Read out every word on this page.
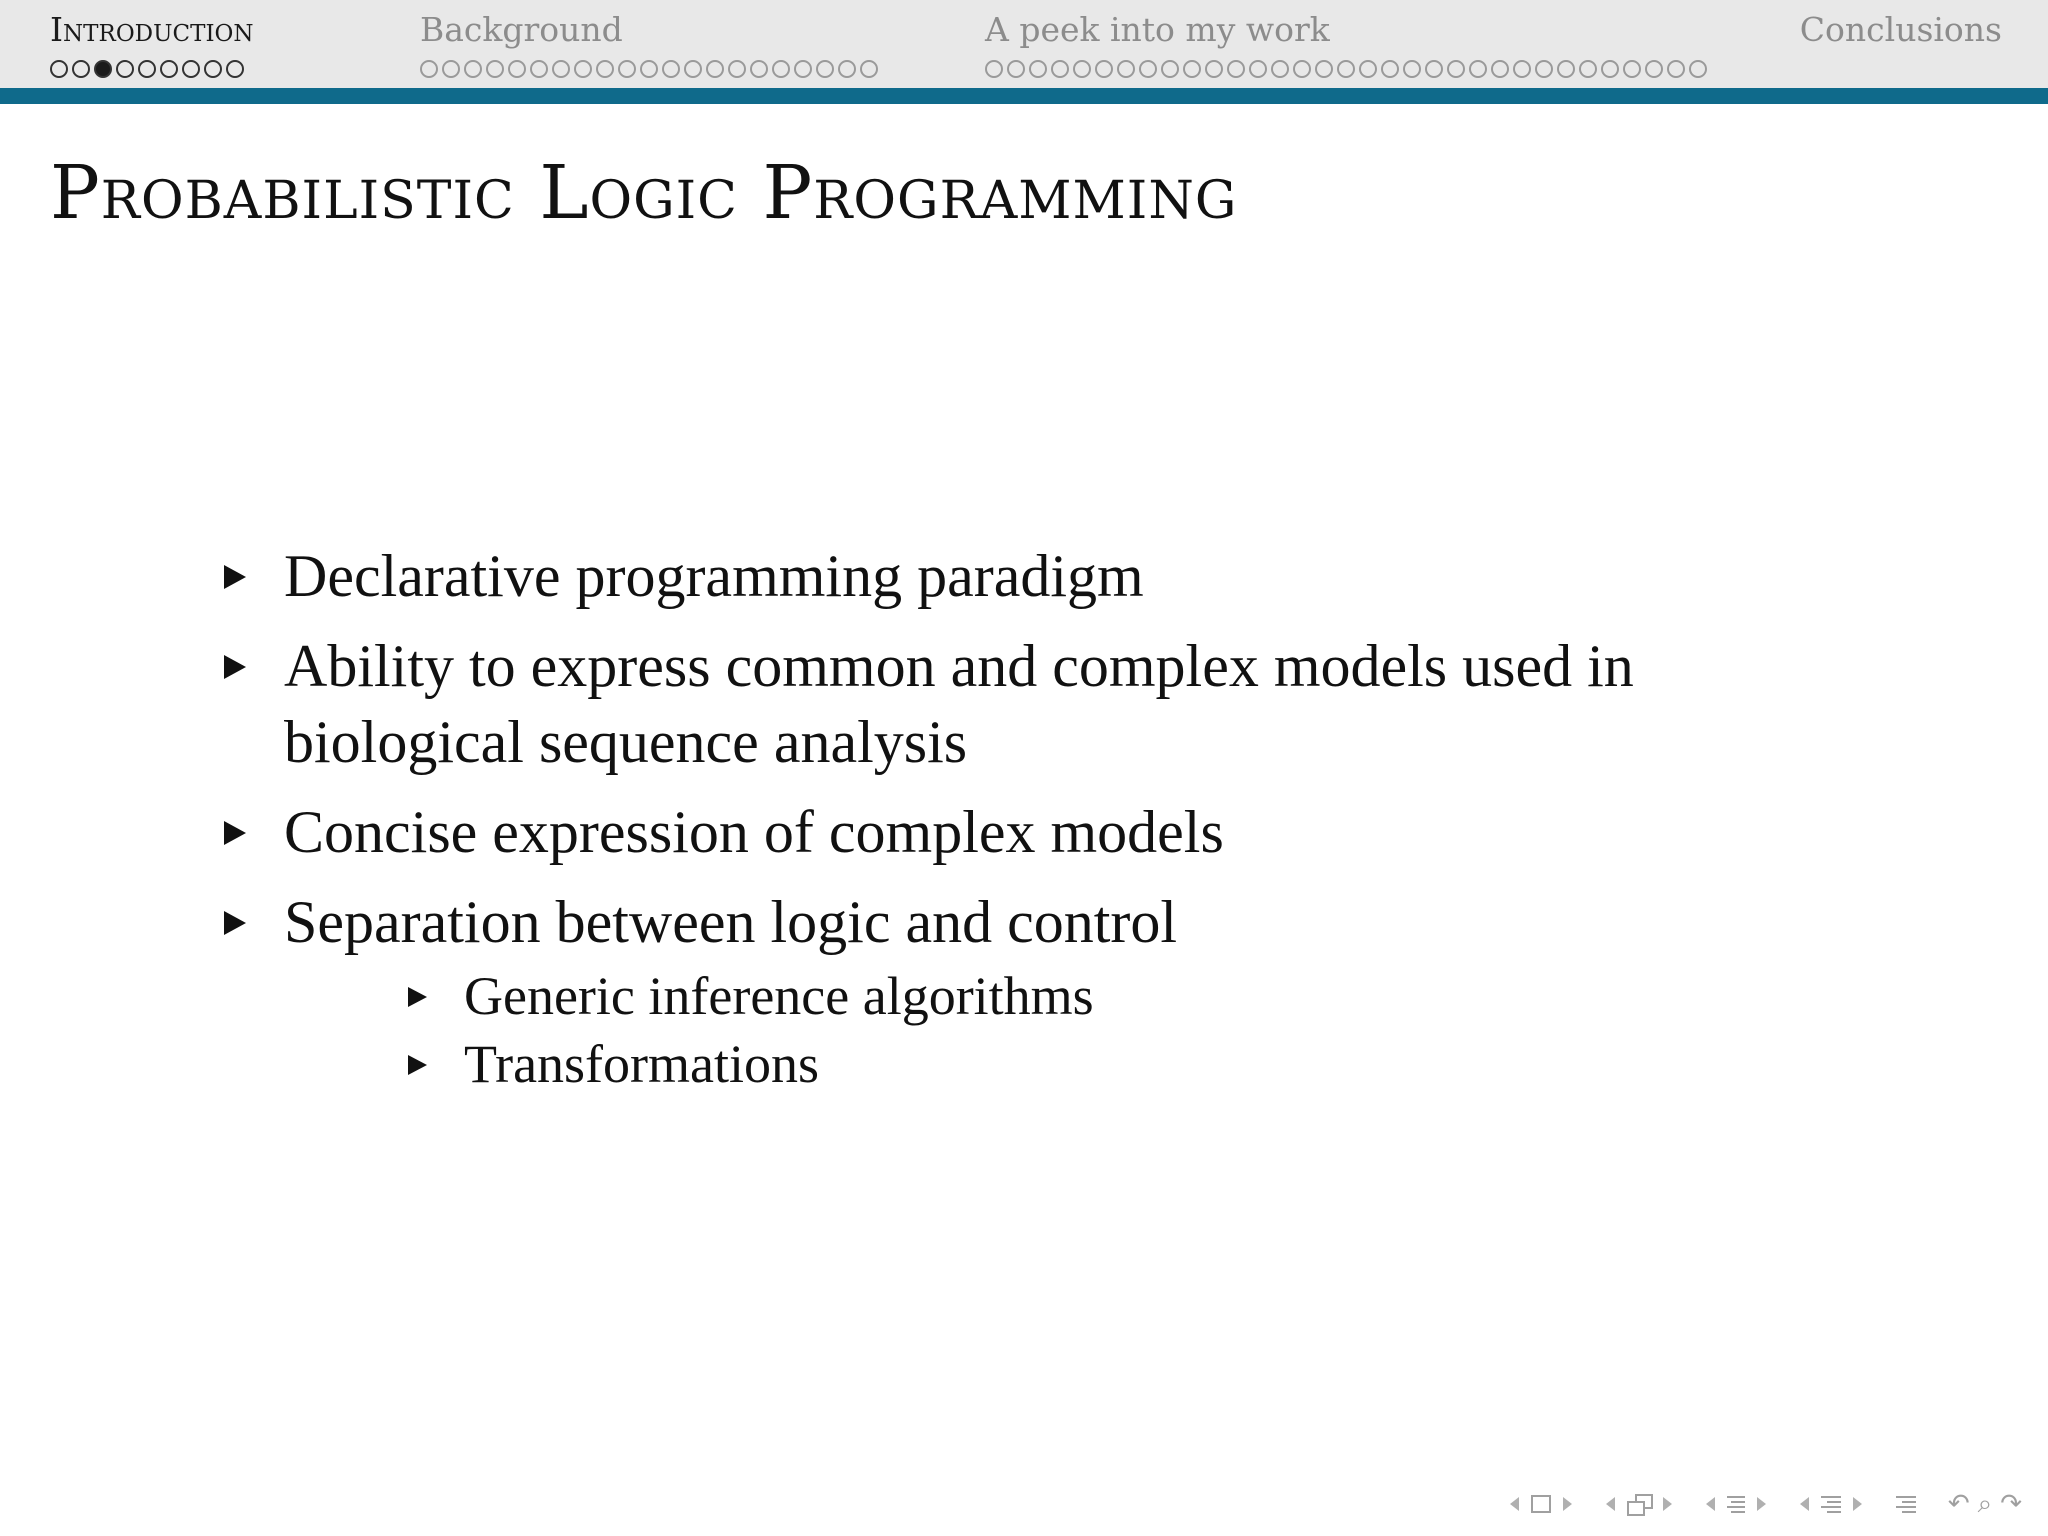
Introduction	Background	A peek into my work	Conclusions
Probabilistic Logic Programming
Declarative programming paradigm
Ability to express common and complex models used in biological sequence analysis
Concise expression of complex models
Separation between logic and control
Generic inference algorithms
Transformations
↶ ⌕ ↷
